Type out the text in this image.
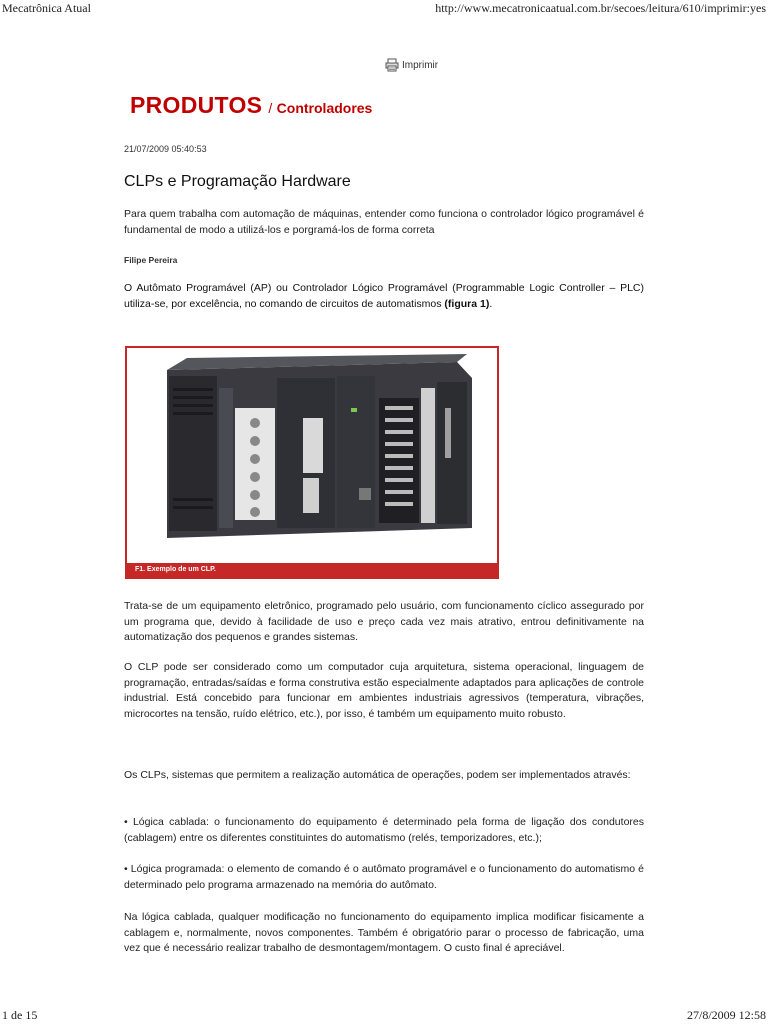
Mecatrônica Atual	http://www.mecatronicaatual.com.br/secoes/leitura/610/imprimir:yes
Imprimir
PRODUTOS / Controladores
21/07/2009 05:40:53
CLPs e Programação Hardware
Para quem trabalha com automação de máquinas, entender como funciona o controlador lógico programável é fundamental de modo a utilizá-los e porgramá-los de forma correta
Filipe Pereira
O Autômato Programável (AP) ou Controlador Lógico Programável (Programmable Logic Controller – PLC) utiliza-se, por excelência, no comando de circuitos de automatismos (figura 1).
F1. Exemplo de um CLP.
Trata-se de um equipamento eletrônico, programado pelo usuário, com funcionamento cíclico assegurado por um programa que, devido à facilidade de uso e preço cada vez mais atrativo, entrou definitivamente na automatização dos pequenos e grandes sistemas.
O CLP pode ser considerado como um computador cuja arquitetura, sistema operacional, linguagem de programação, entradas/saídas e forma construtiva estão especialmente adaptados para aplicações de controle industrial. Está concebido para funcionar em ambientes industriais agressivos (temperatura, vibrações, microcortes na tensão, ruído elétrico, etc.), por isso, é também um equipamento muito robusto.
Os CLPs, sistemas que permitem a realização automática de operações, podem ser implementados através:
• Lógica cablada: o funcionamento do equipamento é determinado pela forma de ligação dos condutores (cablagem) entre os diferentes constituintes do automatismo (relés, temporizadores, etc.);
• Lógica programada: o elemento de comando é o autômato programável e o funcionamento do automatismo é determinado pelo programa armazenado na memória do autômato.
Na lógica cablada, qualquer modificação no funcionamento do equipamento implica modificar fisicamente a cablagem e, normalmente, novos componentes. Também é obrigatório parar o processo de fabricação, uma vez que é necessário realizar trabalho de desmontagem/montagem. O custo final é apreciável.
1 de 15	27/8/2009 12:58
